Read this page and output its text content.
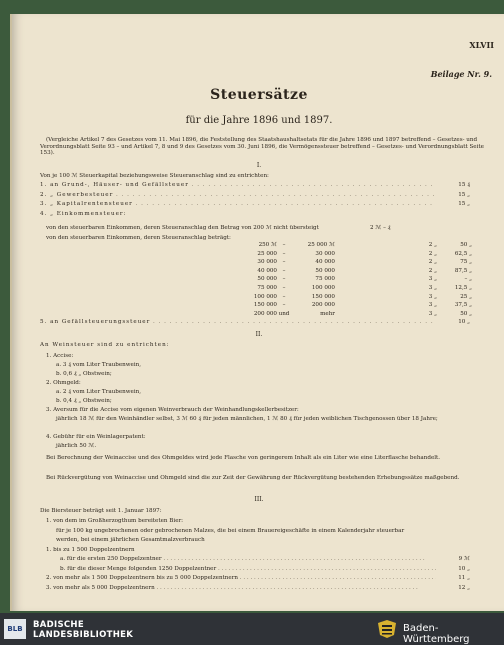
XLVII
Beilage Nr. 9.
Steuersätze
für die Jahre 1896 und 1897.
(Vergleiche Artikel 7 des Gesetzes vom 11. Mai 1896, die Feststellung des Staatshaushaltsetats für die Jahre 1896 und 1897 betreffend – Gesetzes- und Verordnungsblatt Seite 93 – und Artikel 7, 8 und 9 des Gesetzes vom 30. Juni 1896, die Vermögenssteuer betreffend – Gesetzes- und Verordnungsblatt Seite 153).
I.
Von je 100 ℳ Steuerkapital beziehungsweise Steueranschlag sind zu entrichten:
1. an Grund-, Häuser- und Gefällsteuer . . .	15 ₰
2. „ Gewerbesteuer . . .	15 „
3. „ Kapitalrentensteuer . . .	15 „
4. „ Einkommensteuer:
von den steuerbaren Einkommen, deren Steueranschlag den Betrag von 200 ℳ nicht übersteigt	2 ℳ – ₰
von den steuerbaren Einkommen, deren Steueranschlag beträgt:
250 ℳ –	25 000 ℳ	2 „	50 „
25 000 –	30 000	2 „	62,5 „
30 000 –	40 000	2 „	75 „
40 000 –	50 000	2 „	87,5 „
50 000 –	75 000	3 „	– „
75 000 –	100 000	3 „	12,5 „
100 000 –	150 000	3 „	25 „
150 000 –	200 000	3 „	37,5 „
200 000 und	mehr	3 „	50 „
5. an Gefällsteuerungssteuer . . .	10 „
II.
An Weinsteuer sind zu entrichten:
1. Accise:
a. 3 ₰ vom Liter Traubenwein,
b. 0,6 ₰ „ Obstwein;
2. Ohmgeld:
a. 2 ₰ vom Liter Traubenwein,
b. 0,4 ₰ „ Obstwein;
3. Aversum für die Accise vom eigenen Weinverbrauch der Weinhandlungskellerbesitzer:
jährlich 18 ℳ für den Weinhändler selbst, 3 ℳ 60 ₰ für jeden männlichen, 1 ℳ 80 ₰ für jeden weiblichen Tischgenossen über 18 Jahre;
4. Gebühr für ein Weinlagerpatent:
jährlich 50 ℳ.
Bei Berechnung der Weinaccise und des Ohmgeldes wird jede Flasche von geringerem Inhalt als ein Liter wie eine Literflasche behandelt.
Bei Rückvergütung von Weinaccise und Ohmgeld sind die zur Zeit der Gewährung der Rückvergütung bestehenden Erhebungssätze maßgebend.
III.
Die Biersteuer beträgt seit 1. Januar 1897:
1. von dem im Großherzogthum bereiteten Bier:
für je 100 kg ungebrochenen oder gebrochenen Malzes, die bei einem Brauereigeschäfte in einem Kalenderjahr steuerbar
werden, bei einem jährlichen Gesamtmalzverbrauch
1. bis zu 1 500 Doppelzentnern
a. für die ersten 250 Doppelzentner . . .	9 ℳ
b. für die dieser Menge folgenden 1250 Doppelzentner . . .	10 „
2. von mehr als 1 500 Doppelzentnern bis zu 5 000 Doppelzentnern . . .	11 „
3. von mehr als 5 000 Doppelzentnern . . .	12 „
BLB	BADISCHE
LANDESBIBLIOTHEK
Baden-Württemberg
